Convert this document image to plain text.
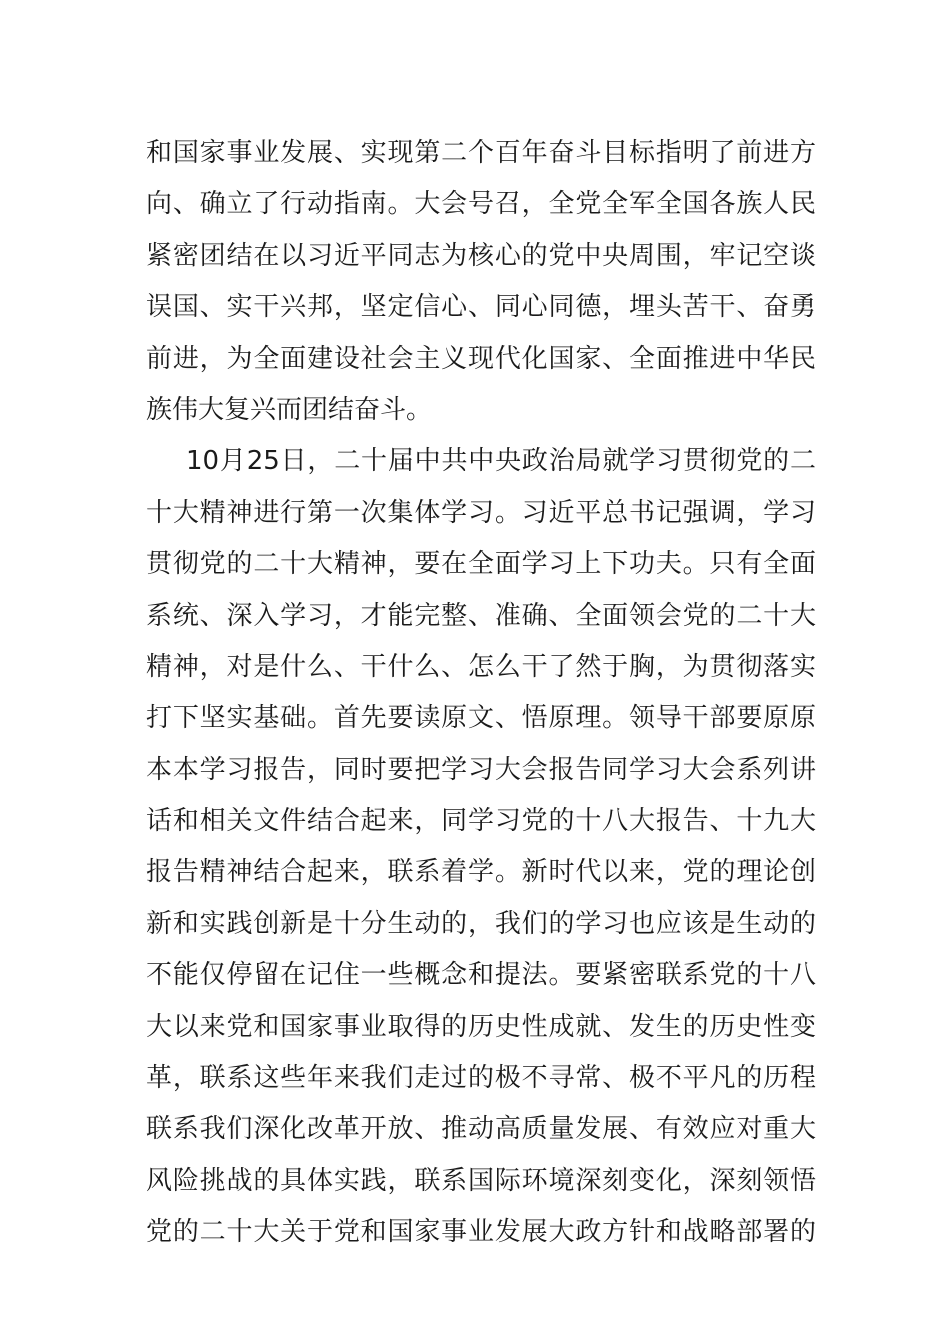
和国家事业发展、实现第二个百年奋斗目标指明了前进方
向、确立了行动指南。大会号召，全党全军全国各族人民
紧密团结在以习近平同志为核心的党中央周围，牢记空谈
误国、实干兴邦，坚定信心、同心同德，埋头苦干、奋勇
前进，为全面建设社会主义现代化国家、全面推进中华民
族伟大复兴而团结奋斗。
10月25日，二十届中共中央政治局就学习贯彻党的二
十大精神进行第一次集体学习。习近平总书记强调，学习
贯彻党的二十大精神，要在全面学习上下功夫。只有全面
系统、深入学习，才能完整、准确、全面领会党的二十大
精神，对是什么、干什么、怎么干了然于胸，为贯彻落实
打下坚实基础。首先要读原文、悟原理。领导干部要原原
本本学习报告，同时要把学习大会报告同学习大会系列讲
话和相关文件结合起来，同学习党的十八大报告、十九大
报告精神结合起来，联系着学。新时代以来，党的理论创
新和实践创新是十分生动的，我们的学习也应该是生动的
不能仅停留在记住一些概念和提法。要紧密联系党的十八
大以来党和国家事业取得的历史性成就、发生的历史性变
革，联系这些年来我们走过的极不寻常、极不平凡的历程
联系我们深化改革开放、推动高质量发展、有效应对重大
风险挑战的具体实践，联系国际环境深刻变化，深刻领悟
党的二十大关于党和国家事业发展大政方针和战略部署的
